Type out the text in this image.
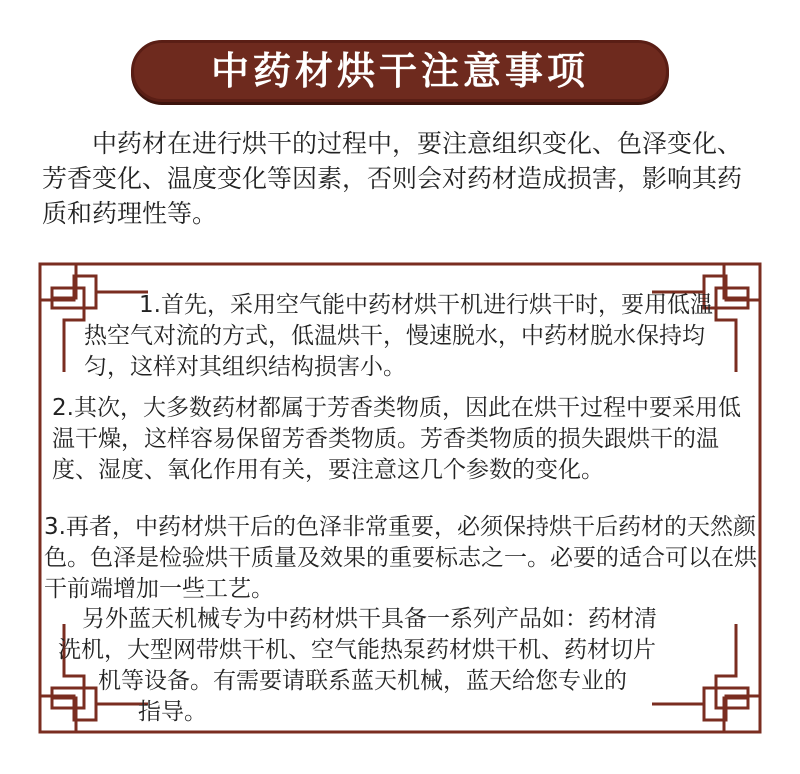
中药材烘干注意事项

中药材在进行烘干的过程中，要注意组织变化、色泽变化、芳香变化、温度变化等因素，否则会对药材造成损害，影响其药质和药理性等。

1.首先，采用空气能中药材烘干机进行烘干时，要用低温热空气对流的方式，低温烘干，慢速脱水，中药材脱水保持均匀，这样对其组织结构损害小。

2.其次，大多数药材都属于芳香类物质，因此在烘干过程中要采用低温干燥，这样容易保留芳香类物质。芳香类物质的损失跟烘干的温度、湿度、氧化作用有关，要注意这几个参数的变化。

3.再者，中药材烘干后的色泽非常重要，必须保持烘干后药材的天然颜色。色泽是检验烘干质量及效果的重要标志之一。必要的适合可以在烘干前端增加一些工艺。

另外蓝天机械专为中药材烘干具备一系列产品如：药材清
洗机，大型网带烘干机、空气能热泵药材烘干机、药材切片
机等设备。有需要请联系蓝天机械，蓝天给您专业的
指导。
